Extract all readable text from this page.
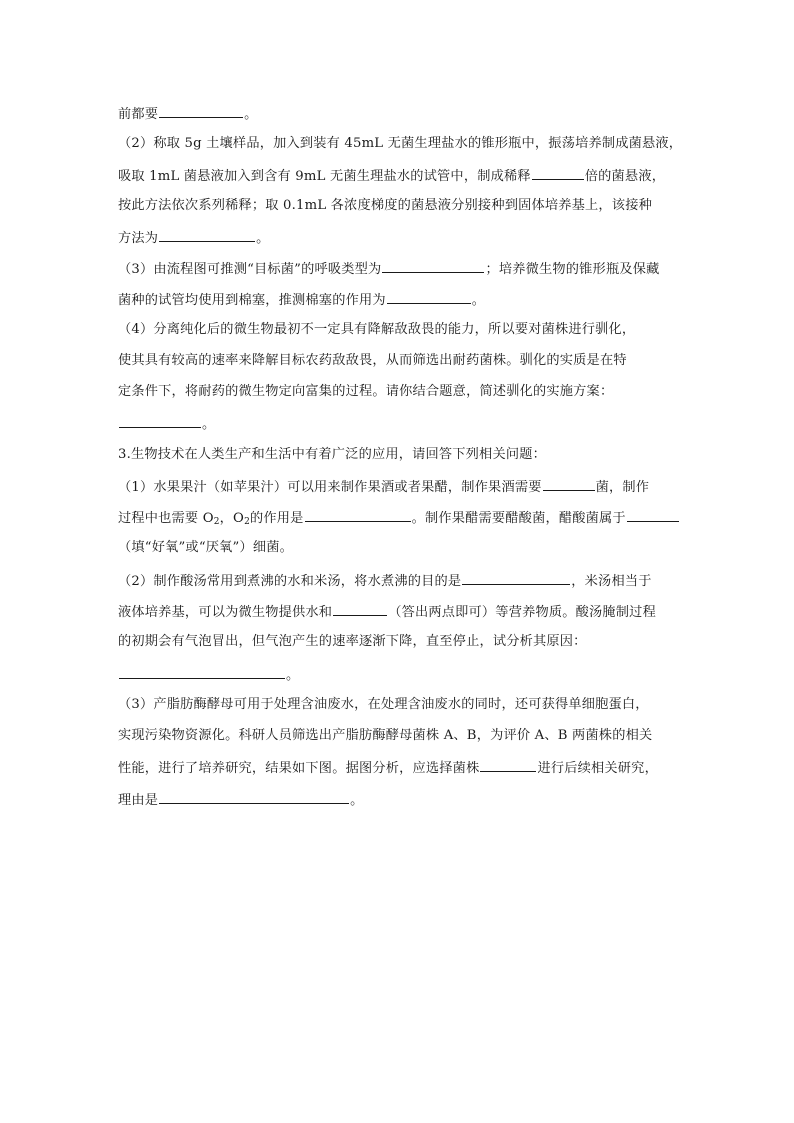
前都要	。
（2）称取 5g 土壤样品，加入到装有 45mL 无菌生理盐水的锥形瓶中，振荡培养制成菌悬液，
吸取 1mL 菌悬液加入到含有 9mL 无菌生理盐水的试管中，制成稀释	倍的菌悬液，
按此方法依次系列稀释；取 0.1mL 各浓度梯度的菌悬液分别接种到固体培养基上，该接种
方法为	。
（3）由流程图可推测“目标菌”的呼吸类型为	；培养微生物的锥形瓶及保藏
菌种的试管均使用到棉塞，推测棉塞的作用为	。
（4）分离纯化后的微生物最初不一定具有降解敌敌畏的能力，所以要对菌株进行驯化，
使其具有较高的速率来降解目标农药敌敌畏，从而筛选出耐药菌株。驯化的实质是在特
定条件下，将耐药的微生物定向富集的过程。请你结合题意，简述驯化的实施方案：
。
3.生物技术在人类生产和生活中有着广泛的应用，请回答下列相关问题：
（1）水果果汁（如苹果汁）可以用来制作果酒或者果醋，制作果酒需要	菌，制作
过程中也需要 $O_2$，$O_2$的作用是	。制作果醋需要醋酸菌，醋酸菌属于
（填“好氧”或“厌氧”）细菌。
（2）制作酸汤常用到煮沸的水和米汤，将水煮沸的目的是	，米汤相当于
液体培养基，可以为微生物提供水和	（答出两点即可）等营养物质。酸汤腌制过程
的初期会有气泡冒出，但气泡产生的速率逐渐下降，直至停止，试分析其原因：
。
（3）产脂肪酶酵母可用于处理含油废水，在处理含油废水的同时，还可获得单细胞蛋白，
实现污染物资源化。科研人员筛选出产脂肪酶酵母菌株 A、B，为评价 A、B 两菌株的相关
性能，进行了培养研究，结果如下图。据图分析，应选择菌株	进行后续相关研究，
理由是	。
